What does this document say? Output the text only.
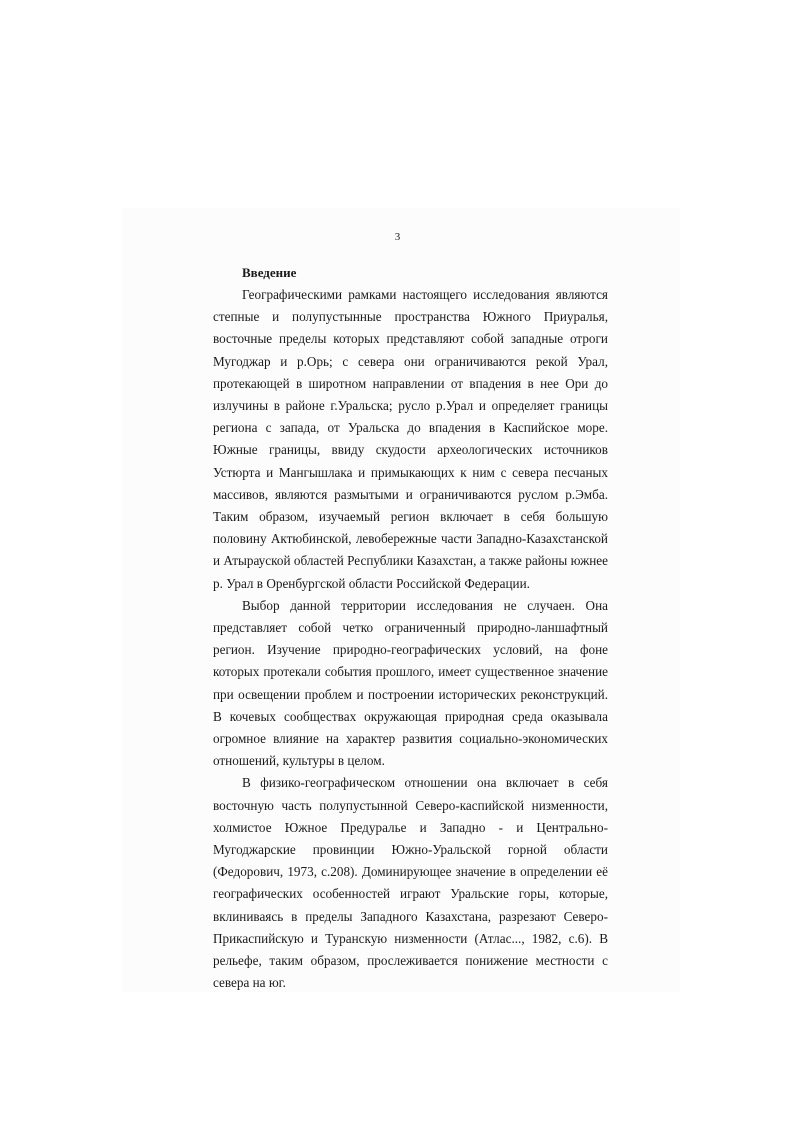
3
Введение

Географическими рамками настоящего исследования являются степные и полупустынные пространства Южного Приуралья, восточные пределы которых представляют собой западные отроги Мугоджар и р.Орь; с севера они ограничиваются рекой Урал, протекающей в широтном направлении от впадения в нее Ори до излучины в районе г.Уральска; русло р.Урал и определяет границы региона с запада, от Уральска до впадения в Каспийское море. Южные границы, ввиду скудости археологических источников Устюрта и Мангышлака и примыкающих к ним с севера песчаных массивов, являются размытыми и ограничиваются руслом р.Эмба. Таким образом, изучаемый регион включает в себя большую половину Актюбинской, левобережные части Западно-Казахстанской и Атырауской областей Республики Казахстан, а также районы южнее р. Урал в Оренбургской области Российской Федерации.

Выбор данной территории исследования не случаен. Она представляет собой четко ограниченный природно-ланшафтный регион. Изучение природно-географических условий, на фоне которых протекали события прошлого, имеет существенное значение при освещении проблем и построении исторических реконструкций. В кочевых сообществах окружающая природная среда оказывала огромное влияние на характер развития социально-экономических отношений, культуры в целом.

В физико-географическом отношении она включает в себя восточную часть полупустынной Северо-каспийской низменности, холмистое Южное Предуралье и Западно - и Центрально-Мугоджарские провинции Южно-Уральской горной области (Федорович, 1973, с.208). Доминирующее значение в определении её географических особенностей играют Уральские горы, которые, вклиниваясь в пределы Западного Казахстана, разрезают Северо-Прикаспийскую и Туранскую низменности (Атлас..., 1982, с.6). В рельефе, таким образом, прослеживается понижение местности с севера на юг.
